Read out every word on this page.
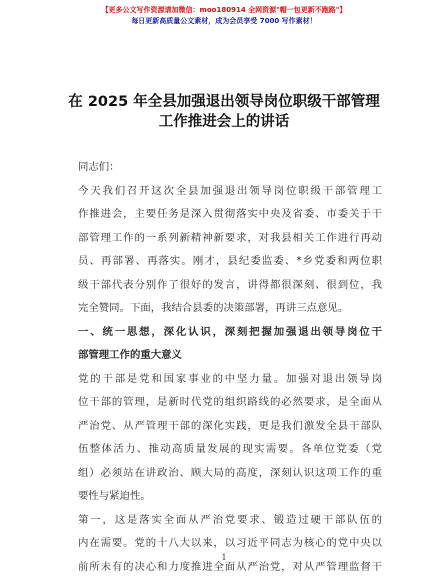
【更多公文写作资源请加微信：moo180914 全网资源"帽一包更新不跑路"】
每日更新高质量公文素材，成为会员享受 7000 写作素材！
在 2025 年全县加强退出领导岗位职级干部管理
工作推进会上的讲话
同志们：
今天我们召开这次全县加强退出领导岗位职级干部管理工
作推进会，主要任务是深入贯彻落实中央及省委、市委关于干
部管理工作的一系列新精神新要求，对我县相关工作进行再动
员、再部署、再落实。刚才，县纪委监委、*乡党委和两位职
级干部代表分别作了很好的发言，讲得都很深刻、很到位，我
完全赞同。下面，我结合县委的决策部署，再讲三点意见。
一、统一思想，深化认识，深刻把握加强退出领导岗位干
部管理工作的重大意义
党的干部是党和国家事业的中坚力量。加强对退出领导岗
位干部的管理，是新时代党的组织路线的必然要求，是全面从
严治党、从严管理干部的深化实践，更是我们激发全县干部队
伍整体活力、推动高质量发展的现实需要。各单位党委（党
组）必须站在讲政治、顾大局的高度，深刻认识这项工作的重
要性与紧迫性。
第一，这是落实全面从严治党要求、锻造过硬干部队伍的
内在需要。党的十八大以来，以习近平同志为核心的党中央以
前所未有的决心和力度推进全面从严治党，对从严管理监督干
1
